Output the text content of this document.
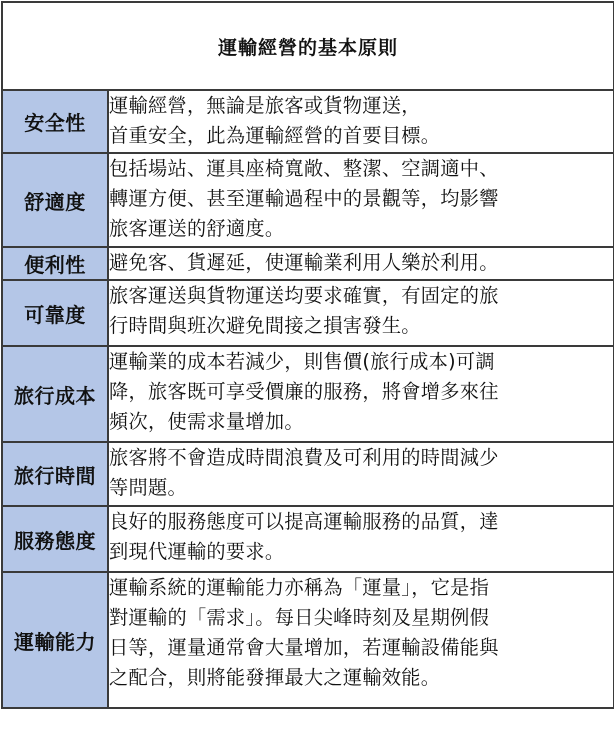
運輸經營的基本原則	
安全性	運輸經營，無論是旅客或貨物運送，
首重安全，此為運輸經營的首要目標。

舒適度	包括場站、運具座椅寬敞、整潔、空調適中、
轉運方便、甚至運輸過程中的景觀等，均影響
旅客運送的舒適度。

便利性	避免客、貨遲延，使運輸業利用人樂於利用。

可靠度	旅客運送與貨物運送均要求確實，有固定的旅
行時間與班次避免間接之損害發生。

旅行成本	運輸業的成本若減少，則售價(旅行成本)可調
降，旅客既可享受價廉的服務，將會增多來往
頻次，使需求量增加。

旅行時間	旅客將不會造成時間浪費及可利用的時間減少
等問題。

服務態度	良好的服務態度可以提高運輸服務的品質，達
到現代運輸的要求。

運輸能力	運輸系統的運輸能力亦稱為「運量」，它是指
對運輸的「需求」。每日尖峰時刻及星期例假
日等，運量通常會大量增加，若運輸設備能與
之配合，則將能發揮最大之運輸效能。
